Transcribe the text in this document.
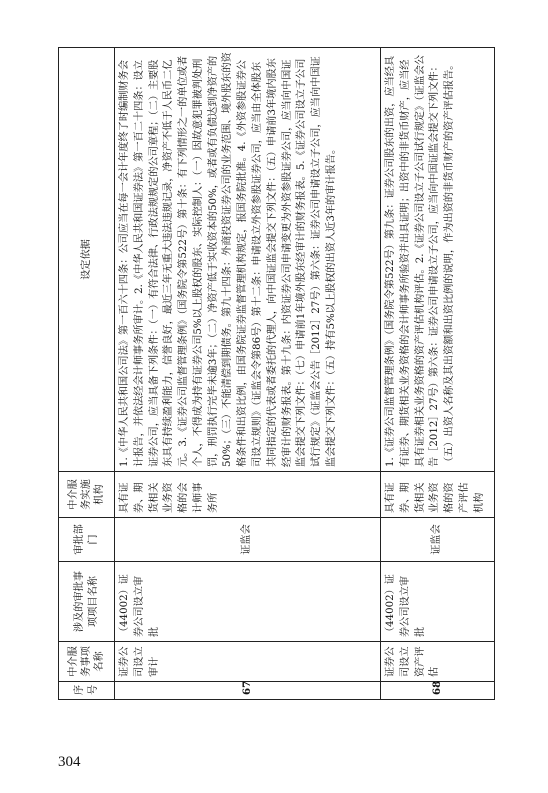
序号	中介服务事项名称	涉及的审批事项项目名称	审批部门	中介服务实施机构	设定依据
67	证券公司设立审计	（44002）证券公司设立审批	证监会	具有证券、期货相关业务资格的会计师事务所	1.《中华人民共和国公司法》第一百六十四条：公司应当在每一会计年度终了时编制财务会计报告，并依法经会计师事务所审计。2.《中华人民共和国证券法》第一百二十四条：设立证券公司，应当具备下列条件：（一）有符合法律、行政法规规定的公司章程；（二）主要股东具有持续盈利能力，信誉良好，最近三年无重大违法违规记录，净资产不低于人民币二亿元。3.《证券公司监督管理条例》（国务院令第522号）第十条：有下列情形之一的单位或者个人，不得成为持有证券公司5%以上股权的股东、实际控制人：（一）因故意犯罪被判处刑罚，刑罚执行完毕未逾3年；（二）净资产低于实收资本的50%，或者或有负债达到净资产的50%；（三）不能清偿到期债务。第九十四条：外商投资证券公司的业务范围、境外股东的资格条件和出资比例，由国务院证券监督管理机构规定，报国务院批准。4.《外资参股证券公司设立规则》（证监会令第86号）第十二条：申请设立外资参股证券公司，应当由全体股东共同指定的代表或者委托的代理人，向中国证监会提交下列文件：（五）申请前3年境内股东经审计的财务报表。第十九条：内资证券公司申请变更为外资参股证券公司，应当向中国证监会提交下列文件：（七）申请前1年境外股东经审计的财务报表。5.《证券公司设立子公司试行规定》（证监会公告［2012］27号）第六条：证券公司申请设立子公司，应当向中国证监会提交下列文件：（五）持有5%以上股权的出资人近3年的审计报告。
68	证券公司设立资产评估	（44002）证券公司设立审批	证监会	具有证券、期货相关业务资格的资产评估机构	1.《证券公司监督管理条例》（国务院令第522号）第九条：证券公司股东的出资，应当经具有证券、期货相关业务资格的会计师事务所验资并出具证明；出资中的非货币财产，应当经具有证券相关业务资格的资产评估机构评估。2.《证券公司设立子公司试行规定》（证监会公告［2012］27号）第六条：证券公司申请设立子公司，应当向中国证监会提交下列文件：（五）出资人名称及其出资额和出资比例的说明，作为出资的非货币财产的资产评估报告。
304
